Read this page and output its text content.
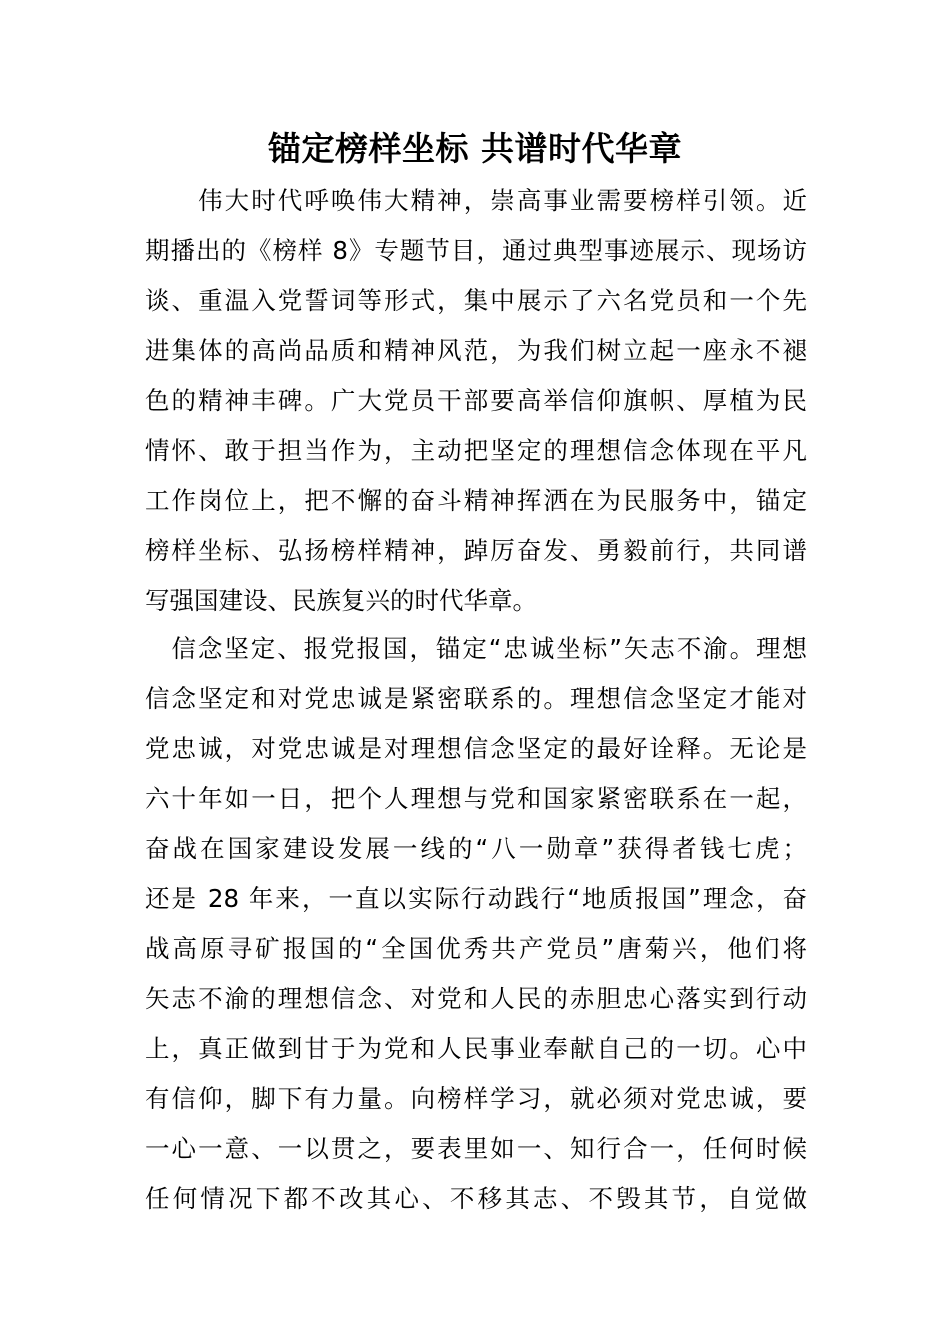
锚定榜样坐标 共谱时代华章
　　伟大时代呼唤伟大精神，崇高事业需要榜样引领。近
期播出的《榜样 8》专题节目，通过典型事迹展示、现场访
谈、重温入党誓词等形式，集中展示了六名党员和一个先
进集体的高尚品质和精神风范，为我们树立起一座永不褪
色的精神丰碑。广大党员干部要高举信仰旗帜、厚植为民
情怀、敢于担当作为，主动把坚定的理想信念体现在平凡
工作岗位上，把不懈的奋斗精神挥洒在为民服务中，锚定
榜样坐标、弘扬榜样精神，踔厉奋发、勇毅前行，共同谱
写强国建设、民族复兴的时代华章。
　信念坚定、报党报国，锚定“忠诚坐标”矢志不渝。理想
信念坚定和对党忠诚是紧密联系的。理想信念坚定才能对
党忠诚，对党忠诚是对理想信念坚定的最好诠释。无论是
六十年如一日，把个人理想与党和国家紧密联系在一起，
奋战在国家建设发展一线的“八一勋章”获得者钱七虎；
还是 28 年来，一直以实际行动践行“地质报国”理念，奋
战高原寻矿报国的“全国优秀共产党员”唐菊兴，他们将
矢志不渝的理想信念、对党和人民的赤胆忠心落实到行动
上，真正做到甘于为党和人民事业奉献自己的一切。心中
有信仰，脚下有力量。向榜样学习，就必须对党忠诚，要
一心一意、一以贯之，要表里如一、知行合一，任何时候
任何情况下都不改其心、不移其志、不毁其节，自觉做
